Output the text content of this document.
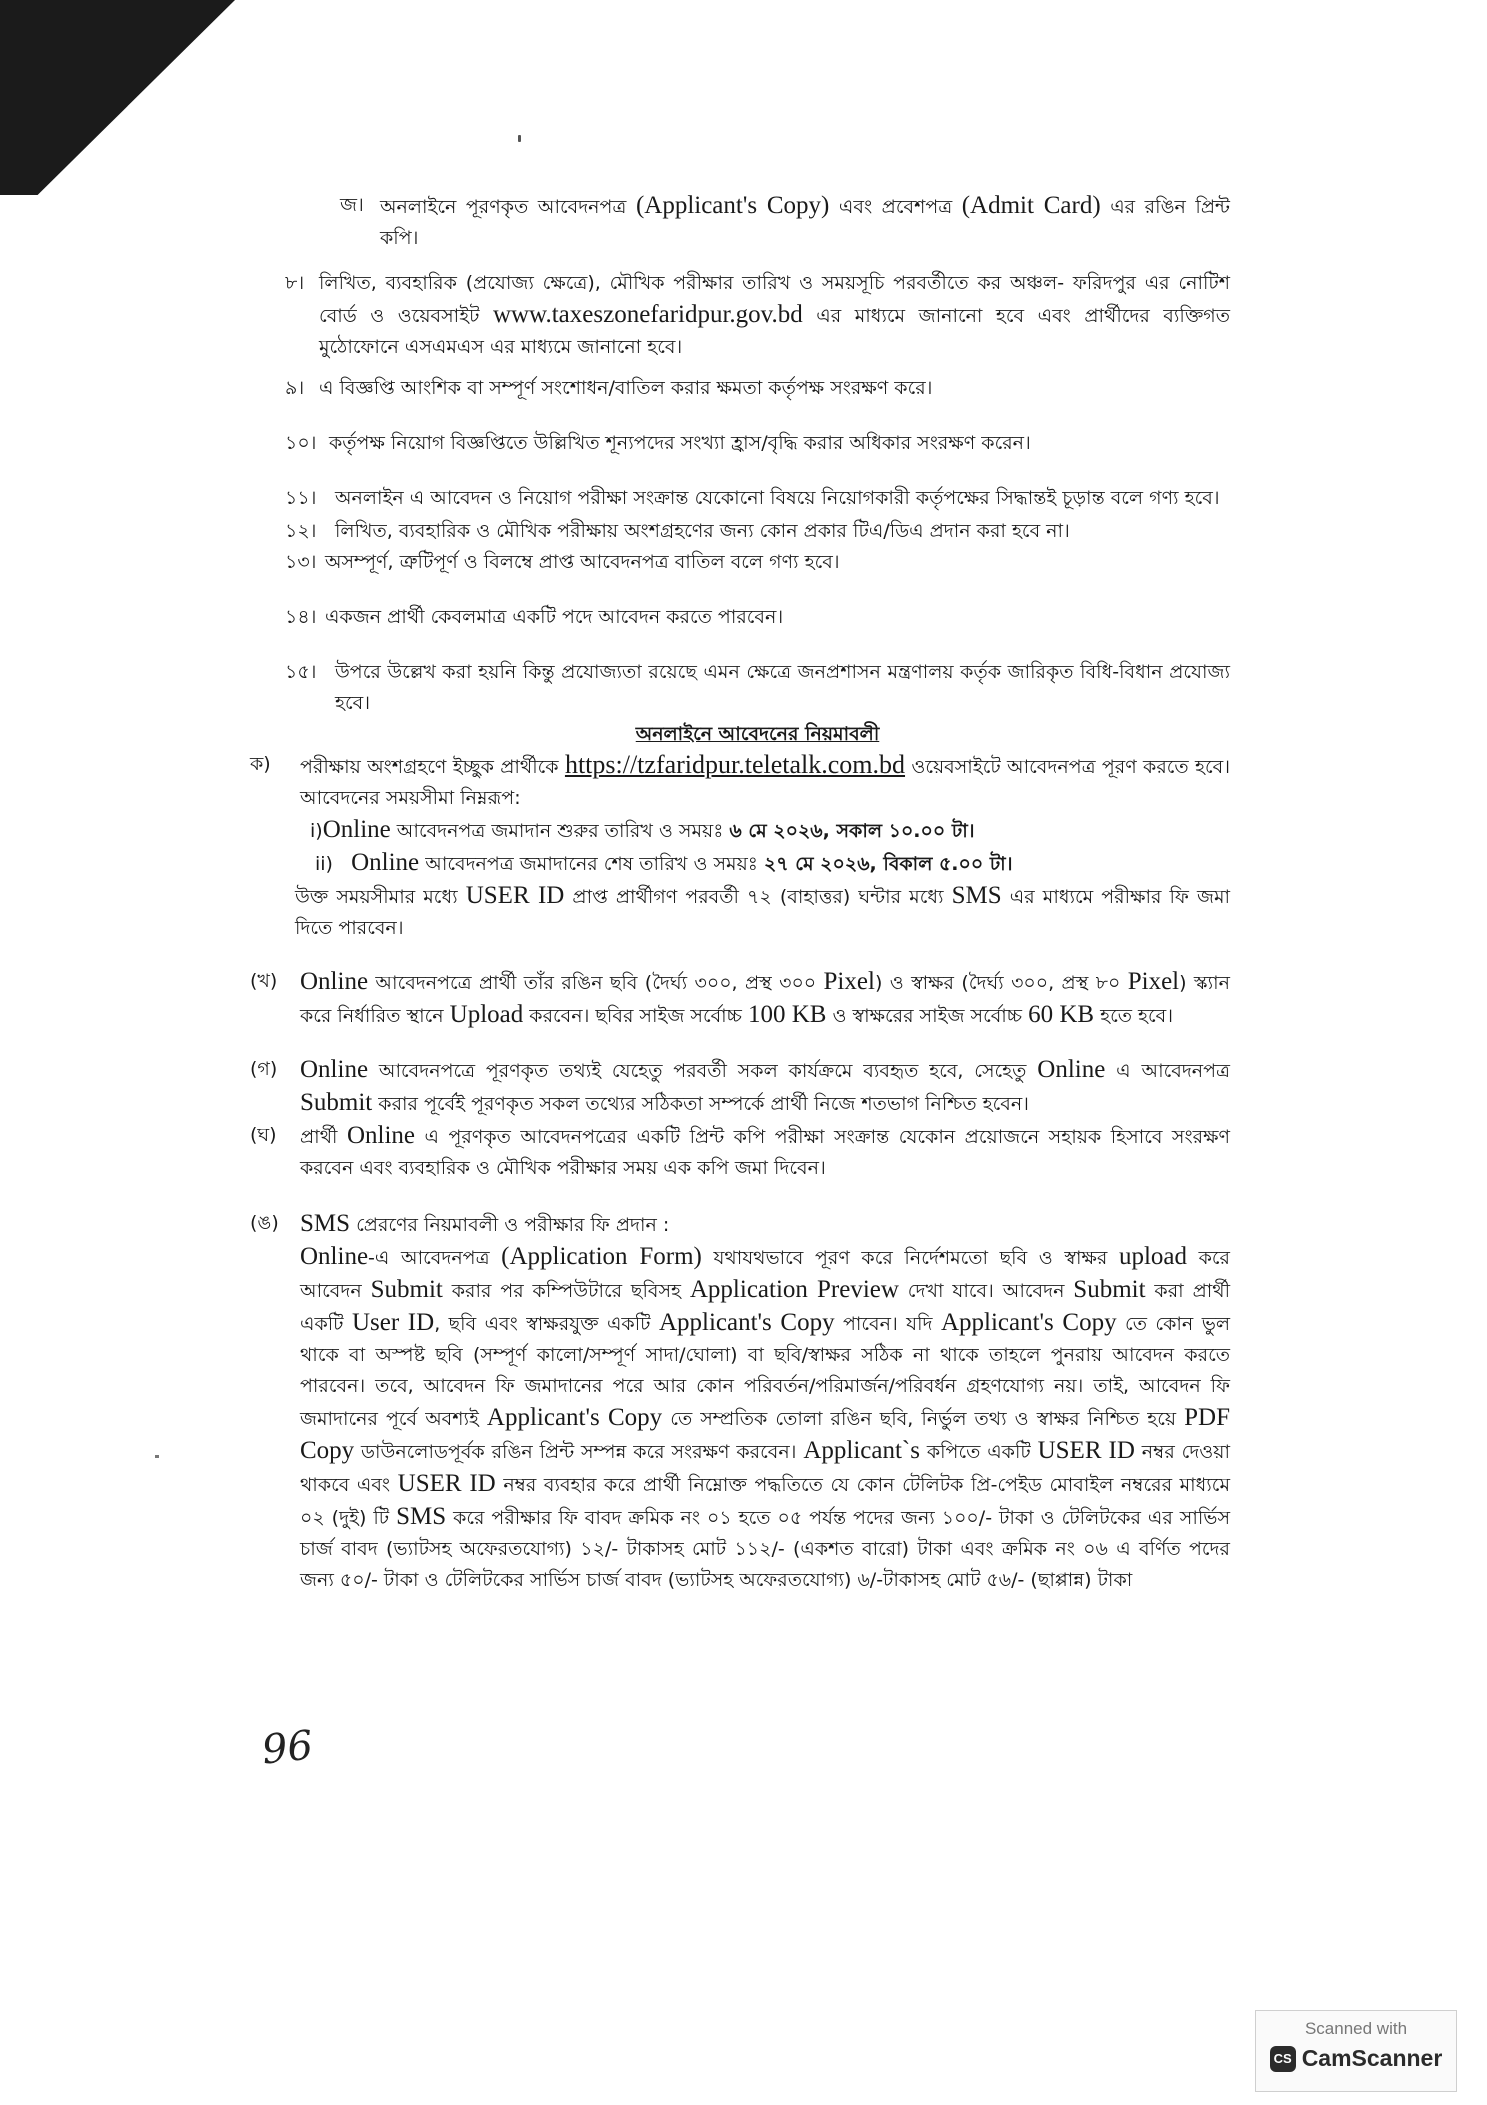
জ। অনলাইনে পূরণকৃত আবেদনপত্র (Applicant's Copy) এবং প্রবেশপত্র (Admit Card) এর রঙিন প্রিন্ট কপি।
৮। লিখিত, ব্যবহারিক (প্রযোজ্য ক্ষেত্রে), মৌখিক পরীক্ষার তারিখ ও সময়সূচি পরবর্তীতে কর অঞ্চল- ফরিদপুর এর নোটিশ বোর্ড ও ওয়েবসাইট www.taxeszonefaridpur.gov.bd এর মাধ্যমে জানানো হবে এবং প্রার্থীদের ব্যক্তিগত মুঠোফোনে এসএমএস এর মাধ্যমে জানানো হবে।
৯। এ বিজ্ঞপ্তি আংশিক বা সম্পূর্ণ সংশোধন/বাতিল করার ক্ষমতা কর্তৃপক্ষ সংরক্ষণ করে।
১০। কর্তৃপক্ষ নিয়োগ বিজ্ঞপ্তিতে উল্লিখিত শূন্যপদের সংখ্যা হ্রাস/বৃদ্ধি করার অধিকার সংরক্ষণ করেন।
১১। অনলাইন এ আবেদন ও নিয়োগ পরীক্ষা সংক্রান্ত যেকোনো বিষয়ে নিয়োগকারী কর্তৃপক্ষের সিদ্ধান্তই চূড়ান্ত বলে গণ্য হবে।
১২। লিখিত, ব্যবহারিক ও মৌখিক পরীক্ষায় অংশগ্রহণের জন্য কোন প্রকার টিএ/ডিএ প্রদান করা হবে না।
১৩। অসম্পূর্ণ, ত্রুটিপূর্ণ ও বিলম্বে প্রাপ্ত আবেদনপত্র বাতিল বলে গণ্য হবে।
১৪। একজন প্রার্থী কেবলমাত্র একটি পদে আবেদন করতে পারবেন।
১৫। উপরে উল্লেখ করা হয়নি কিন্তু প্রযোজ্যতা রয়েছে এমন ক্ষেত্রে জনপ্রশাসন মন্ত্রণালয় কর্তৃক জারিকৃত বিধি-বিধান প্রযোজ্য হবে।
অনলাইনে আবেদনের নিয়মাবলী
ক)	পরীক্ষায় অংশগ্রহণে ইচ্ছুক প্রার্থীকে https://tzfaridpur.teletalk.com.bd ওয়েবসাইটে আবেদনপত্র পূরণ করতে হবে। আবেদনের সময়সীমা নিম্নরূপ:
i)Online আবেদনপত্র জমাদান শুরুর তারিখ ও সময়ঃ ৬ মে ২০২৬, সকাল ১০.০০ টা।
ii) Online আবেদনপত্র জমাদানের শেষ তারিখ ও সময়ঃ ২৭ মে ২০২৬, বিকাল ৫.০০ টা।
উক্ত সময়সীমার মধ্যে USER ID প্রাপ্ত প্রার্থীগণ পরবর্তী ৭২ (বাহাত্তর) ঘন্টার মধ্যে SMS এর মাধ্যমে পরীক্ষার ফি জমা দিতে পারবেন।
(খ) Online আবেদনপত্রে প্রার্থী তাঁর রঙিন ছবি (দৈর্ঘ্য ৩০০, প্রস্থ ৩০০ Pixel) ও স্বাক্ষর (দৈর্ঘ্য ৩০০, প্রস্থ ৮০ Pixel) স্ক্যান করে নির্ধারিত স্থানে Upload করবেন। ছবির সাইজ সর্বোচ্চ 100 KB ও স্বাক্ষরের সাইজ সর্বোচ্চ 60 KB হতে হবে।
(গ) Online আবেদনপত্রে পূরণকৃত তথ্যই যেহেতু পরবর্তী সকল কার্যক্রমে ব্যবহৃত হবে, সেহেতু Online এ আবেদনপত্র Submit করার পূর্বেই পূরণকৃত সকল তথ্যের সঠিকতা সম্পর্কে প্রার্থী নিজে শতভাগ নিশ্চিত হবেন।
(ঘ)	প্রার্থী Online এ পূরণকৃত আবেদনপত্রের একটি প্রিন্ট কপি পরীক্ষা সংক্রান্ত যেকোন প্রয়োজনে সহায়ক হিসাবে সংরক্ষণ করবেন এবং ব্যবহারিক ও মৌখিক পরীক্ষার সময় এক কপি জমা দিবেন।
(ঙ) SMS প্রেরণের নিয়মাবলী ও পরীক্ষার ফি প্রদান :
Online-এ আবেদনপত্র (Application Form) যথাযথভাবে পূরণ করে নির্দেশমতো ছবি ও স্বাক্ষর upload করে আবেদন Submit করার পর কম্পিউটারে ছবিসহ Application Preview দেখা যাবে। আবেদন Submit করা প্রার্থী একটি User ID, ছবি এবং স্বাক্ষরযুক্ত একটি Applicant's Copy পাবেন। যদি Applicant's Copy তে কোন ভুল থাকে বা অস্পষ্ট ছবি (সম্পূর্ণ কালো/সম্পূর্ণ সাদা/ঘোলা) বা ছবি/স্বাক্ষর সঠিক না থাকে তাহলে পুনরায় আবেদন করতে পারবেন। তবে, আবেদন ফি জমাদানের পরে আর কোন পরিবর্তন/পরিমার্জন/পরিবর্ধন গ্রহণযোগ্য নয়। তাই, আবেদন ফি জমাদানের পূর্বে অবশ্যই Applicant's Copy তে সম্প্রতিক তোলা রঙিন ছবি, নির্ভুল তথ্য ও স্বাক্ষর নিশ্চিত হয়ে PDF Copy ডাউনলোডপূর্বক রঙিন প্রিন্ট সম্পন্ন করে সংরক্ষণ করবেন। Applicant`s কপিতে একটি USER ID নম্বর দেওয়া থাকবে এবং USER ID নম্বর ব্যবহার করে প্রার্থী নিম্নোক্ত পদ্ধতিতে যে কোন টেলিটক প্রি-পেইড মোবাইল নম্বরের মাধ্যমে ০২ (দুই) টি SMS করে পরীক্ষার ফি বাবদ ক্রমিক নং ০১ হতে ০৫ পর্যন্ত পদের জন্য ১০০/- টাকা ও টেলিটকের এর সার্ভিস চার্জ বাবদ (ভ্যাটসহ অফেরতযোগ্য) ১২/- টাকাসহ মোট ১১২/- (একশত বারো) টাকা এবং ক্রমিক নং ০৬ এ বর্ণিত পদের জন্য ৫০/- টাকা ও টেলিটকের সার্ভিস চার্জ বাবদ (ভ্যাটসহ অফেরতযোগ্য) ৬/-টাকাসহ মোট ৫৬/- (ছাপ্পান্ন) টাকা
96
Scanned with
CS CamScanner
